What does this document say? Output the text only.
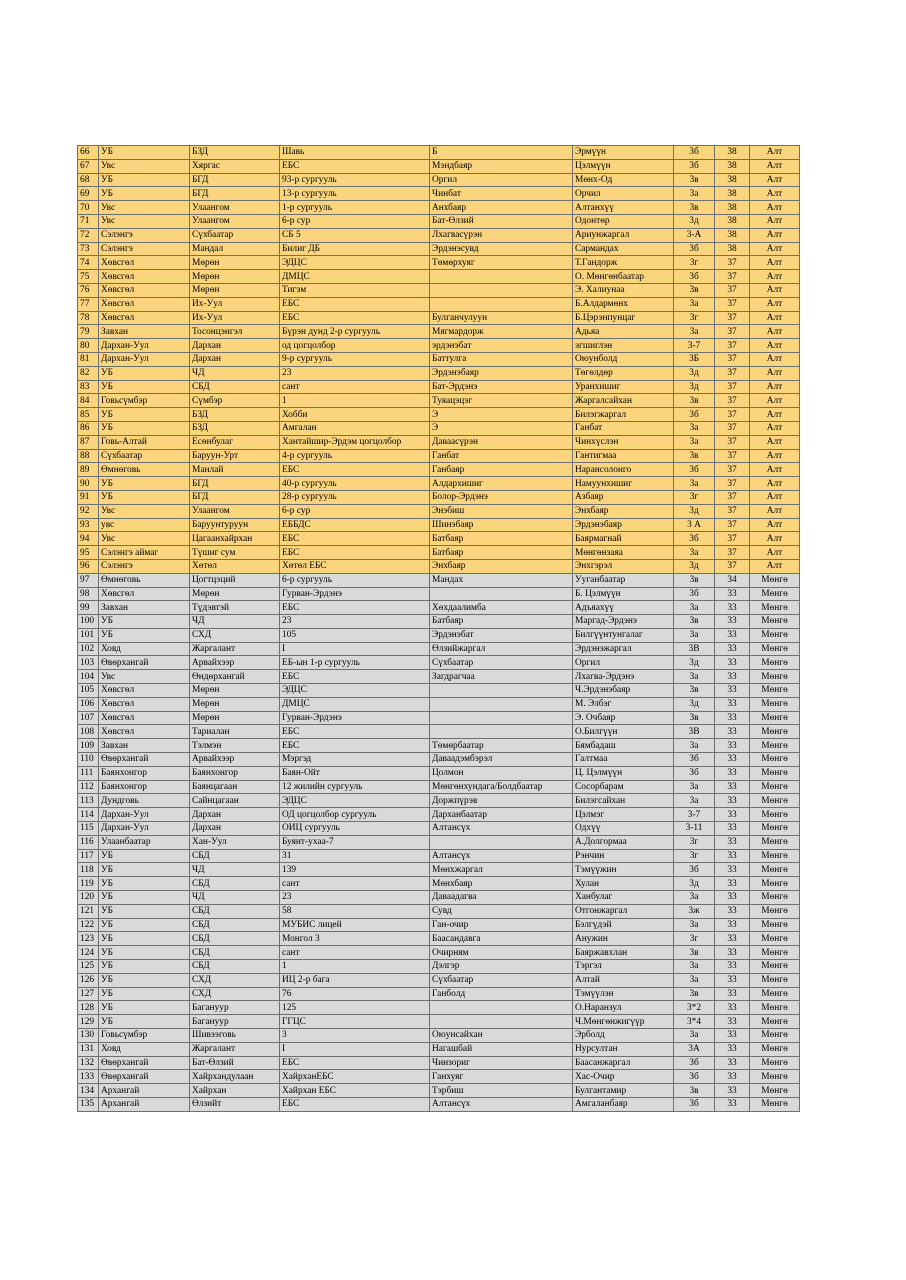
66	УБ	БЗД	Шавь	Б	Эрмүүн	3б	38	Алт
67	Увс	Хяргас	ЕБС	Мэндбаяр	Цэлмүүн	3б	38	Алт
68	УБ	БГД	93-р сургууль	Оргил	Мөнх-Од	3в	38	Алт
69	УБ	БГД	13-р сургууль	Чинбат	Орчил	3а	38	Алт
70	Увс	Улаангом	1-р сургууль	Анхбаяр	Алтанхүү	3в	38	Алт
71	Увс	Улаангом	6-р сур	Бат-Өлзий	Одонтөр	3д	38	Алт
72	Сэлэнгэ	Сүхбаатар	СБ 5	Лхагвасүрэн	Ариунжаргал	3-А	38	Алт
73	Сэлэнгэ	Мандал	Билиг ДБ	Эрдэнэсувд	Сармандах	3б	38	Алт
74	Хөвсгөл	Мөрөн	ЭДЦС	Төмөрхуяг	Т.Гандорж	3г	37	Алт
75	Хөвсгөл	Мөрөн	ДМЦС		О. Мөнгөнбаатар	3б	37	Алт
76	Хөвсгөл	Мөрөн	Тигэм		Э. Халиунаа	3в	37	Алт
77	Хөвсгөл	Их-Уул	ЕБС		Б.Алдармөнх	3а	37	Алт
78	Хөвсгөл	Их-Уул	ЕБС	Булганчулуун	Б.Цэрэнпунцаг	3г	37	Алт
79	Завхан	Тосонцэнгэл	Бүрэн дунд 2-р сургууль	Мягмардорж	Адьяа	3а	37	Алт
80	Дархан-Уул	Дархан	од цогцолбор	эрдэнэбат	эгшиглэн	3-7	37	Алт
81	Дархан-Уул	Дархан	9-р сургууль	Баттулга	Оюунболд	3Б	37	Алт
82	УБ	ЧД	23	Эрдэнэбаяр	Төгөлдөр	3д	37	Алт
83	УБ	СБД	сант	Бат-Эрдэнэ	Уранхишиг	3д	37	Алт
84	Говьсүмбэр	Сүмбэр	1	Туяацэцэг	Жаргалсайхан	3в	37	Алт
85	УБ	БЗД	Хобби	Э	Билэгжаргал	3б	37	Алт
86	УБ	БЗД	Амгалан	Э	Ганбат	3а	37	Алт
87	Говь-Алтай	Есөнбулаг	Хантайшир-Эрдэм цогцолбор	Даваасүрэн	Чинхүслэн	3а	37	Алт
88	Сүхбаатар	Баруун-Урт	4-р сургууль	Ганбат	Гантигмаа	3в	37	Алт
89	Өмнөговь	Манлай	ЕБС	Ганбаяр	Нарансолонго	3б	37	Алт
90	УБ	БГД	40-р сургууль	Алдархишиг	Намуунхишиг	3а	37	Алт
91	УБ	БГД	28-р сургууль	Болор-Эрдэнэ	Азбаяр	3г	37	Алт
92	Увс	Улаангом	6-р сур	Энэбиш	Энхбаяр	3д	37	Алт
93	увс	Баруунтуруун	ЕББДС	Шинэбаяр	Эрдэнэбаяр	3 А	37	Алт
94	Увс	Цагаанхайрхан	ЕБС	Батбаяр	Баярмагнай	3б	37	Алт
95	Сэлэнгэ аймаг	Түшиг сум	ЕБС	Батбаяр	Мөнгөнзаяа	3а	37	Алт
96	Сэлэнгэ	Хөтөл	Хөтөл ЕБС	Энхбаяр	Энхгэрэл	3д	37	Алт
97	Өмнөговь	Цогтцэций	6-р сургууль	Мандах	Ууганбаатар	3в	34	Мөнгө
98	Хөвсгөл	Мөрөн	Гурван-Эрдэнэ		Б. Цэлмүүн	3б	33	Мөнгө
99	Завхан	Түдэвтэй	ЕБС	Хөхдаалимба	Адъяахүү	3а	33	Мөнгө
100	УБ	ЧД	23	Батбаяр	Маргад-Эрдэнэ	3в	33	Мөнгө
101	УБ	СХД	105	Эрдэнэбат	Билгүүнтунгалаг	3а	33	Мөнгө
102	Ховд	Жаргалант	I	Өлзийжаргал	Эрдэнэжаргал	3В	33	Мөнгө
103	Өвөрхангай	Арвайхээр	ЕБ-ын 1-р сургууль	Сүхбаатар	Оргил	3д	33	Мөнгө
104	Увс	Өндөрхангай	ЕБС	Загдрагчаа	Лхагва-Эрдэнэ	3а	33	Мөнгө
105	Хөвсгөл	Мөрөн	ЭДЦС		Ч.Эрдэнэбаяр	3в	33	Мөнгө
106	Хөвсгөл	Мөрөн	ДМЦС		М. Элбэг	3д	33	Мөнгө
107	Хөвсгөл	Мөрөн	Гурван-Эрдэнэ		Э. Очбаяр	3в	33	Мөнгө
108	Хөвсгөл	Тариалан	ЕБС		О.Билгүүн	3В	33	Мөнгө
109	Завхан	Тэлмэн	ЕБС	Төмөрбаатар	Бямбадаш	3а	33	Мөнгө
110	Өвөрхангай	Арвайхээр	Мэргэд	Даваадэмбэрэл	Галтмаа	3б	33	Мөнгө
111	Баянхонгор	Баянхонгор	Баян-Ойт	Цолмон	Ц. Цэлмүүн	3б	33	Мөнгө
112	Баянхонгор	Баянцагаан	12 жилийн сургууль	Мөнгөнхундага/Болдбаатар	Сосорбарам	3а	33	Мөнгө
113	Дундговь	Сайнцагаан	ЭДЦС	Доржпүрэв	Билэгсайхан	3а	33	Мөнгө
114	Дархан-Уул	Дархан	ОД цогцолбор сургууль	Дарханбаатар	Цэлмэг	3-7	33	Мөнгө
115	Дархан-Уул	Дархан	ОИЦ сургууль	Алтансүх	Одхүү	3-11	33	Мөнгө
116	Улаанбаатар	Хан-Уул	Буянт-ухаа-7		А.Долгормаа	3г	33	Мөнгө
117	УБ	СБД	31	Алтансүх	Рэнчин	3г	33	Мөнгө
118	УБ	ЧД	139	Мөнхжаргал	Тэмүүжин	3б	33	Мөнгө
119	УБ	СБД	сант	Мөнхбаяр	Хулан	3д	33	Мөнгө
120	УБ	ЧД	23	Даваадагва	Ханбулаг	3а	33	Мөнгө
121	УБ	СБД	58	Сувд	Отгонжаргал	3ж	33	Мөнгө
122	УБ	СБД	МУБИС лицей	Ган-очир	Бэлгүдэй	3а	33	Мөнгө
123	УБ	СБД	Монгол 3	Баасандавга	Анужин	3г	33	Мөнгө
124	УБ	СБД	сант	Очирням	Баяржавхлан	3в	33	Мөнгө
125	УБ	СБД	1	Дэлгэр	Тэргэл	3а	33	Мөнгө
126	УБ	СХД	ИЦ 2-р бага	Сүхбаатар	Алтай	3а	33	Мөнгө
127	УБ	СХД	76	Ганболд	Тэмүүлэн	3в	33	Мөнгө
128	УБ	Багануур	125		О.Наранзул	3*2	33	Мөнгө
129	УБ	Багануур	ГГЦС		Ч.Мөнгөнжигүүр	3*4	33	Мөнгө
130	Говьсүмбэр	Шивээговь	3	Оюунсайхан	Эрболд	3а	33	Мөнгө
131	Ховд	Жаргалант	I	Нагашбай	Нурсултан	3А	33	Мөнгө
132	Өвөрхангай	Бат-Өлзий	ЕБС	Чинзориг	Баасанжаргал	3б	33	Мөнгө
133	Өвөрхангай	Хайрхандулаан	ХайрханЕБС	Ганхуяг	Хас-Очир	3б	33	Мөнгө
134	Архангай	Хайрхан	Хайрхан ЕБС	Тэрбиш	Булгантамир	3в	33	Мөнгө
135	Архангай	Өлзийт	ЕБС	Алтансүх	Амгаланбаяр	3б	33	Мөнгө
